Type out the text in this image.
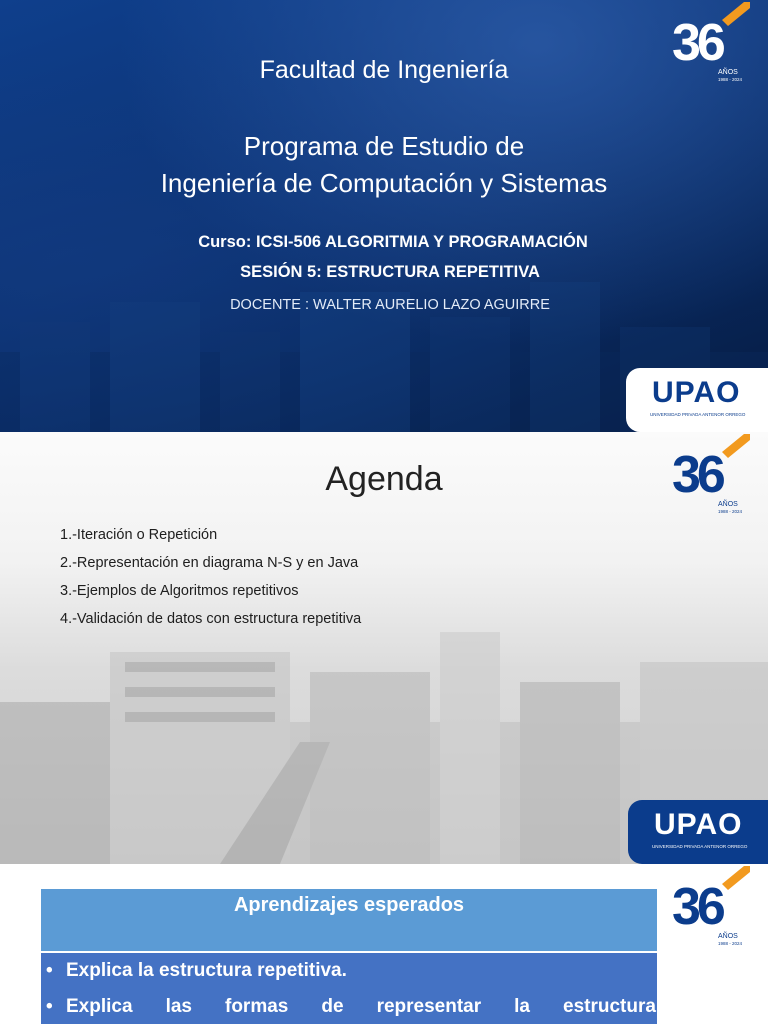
Facultad de Ingeniería
Programa de Estudio de
Ingeniería de Computación y Sistemas
Curso: ICSI-506 ALGORITMIA Y PROGRAMACIÓN
SESIÓN 5: ESTRUCTURA REPETITIVA
DOCENTE : WALTER AURELIO LAZO AGUIRRE
36
AÑOS
1988 - 2024
UPAO
UNIVERSIDAD PRIVADA ANTENOR ORREGO
Agenda
1.-Iteración o Repetición
2.-Representación en diagrama N-S y en Java
3.-Ejemplos de Algoritmos repetitivos
4.-Validación de datos con estructura repetitiva
36
AÑOS
1988 - 2024
UPAO
UNIVERSIDAD PRIVADA ANTENOR ORREGO
Aprendizajes esperados
• Explica la estructura repetitiva.
• Explica las formas de representar la estructura
36
AÑOS
1988 - 2024
